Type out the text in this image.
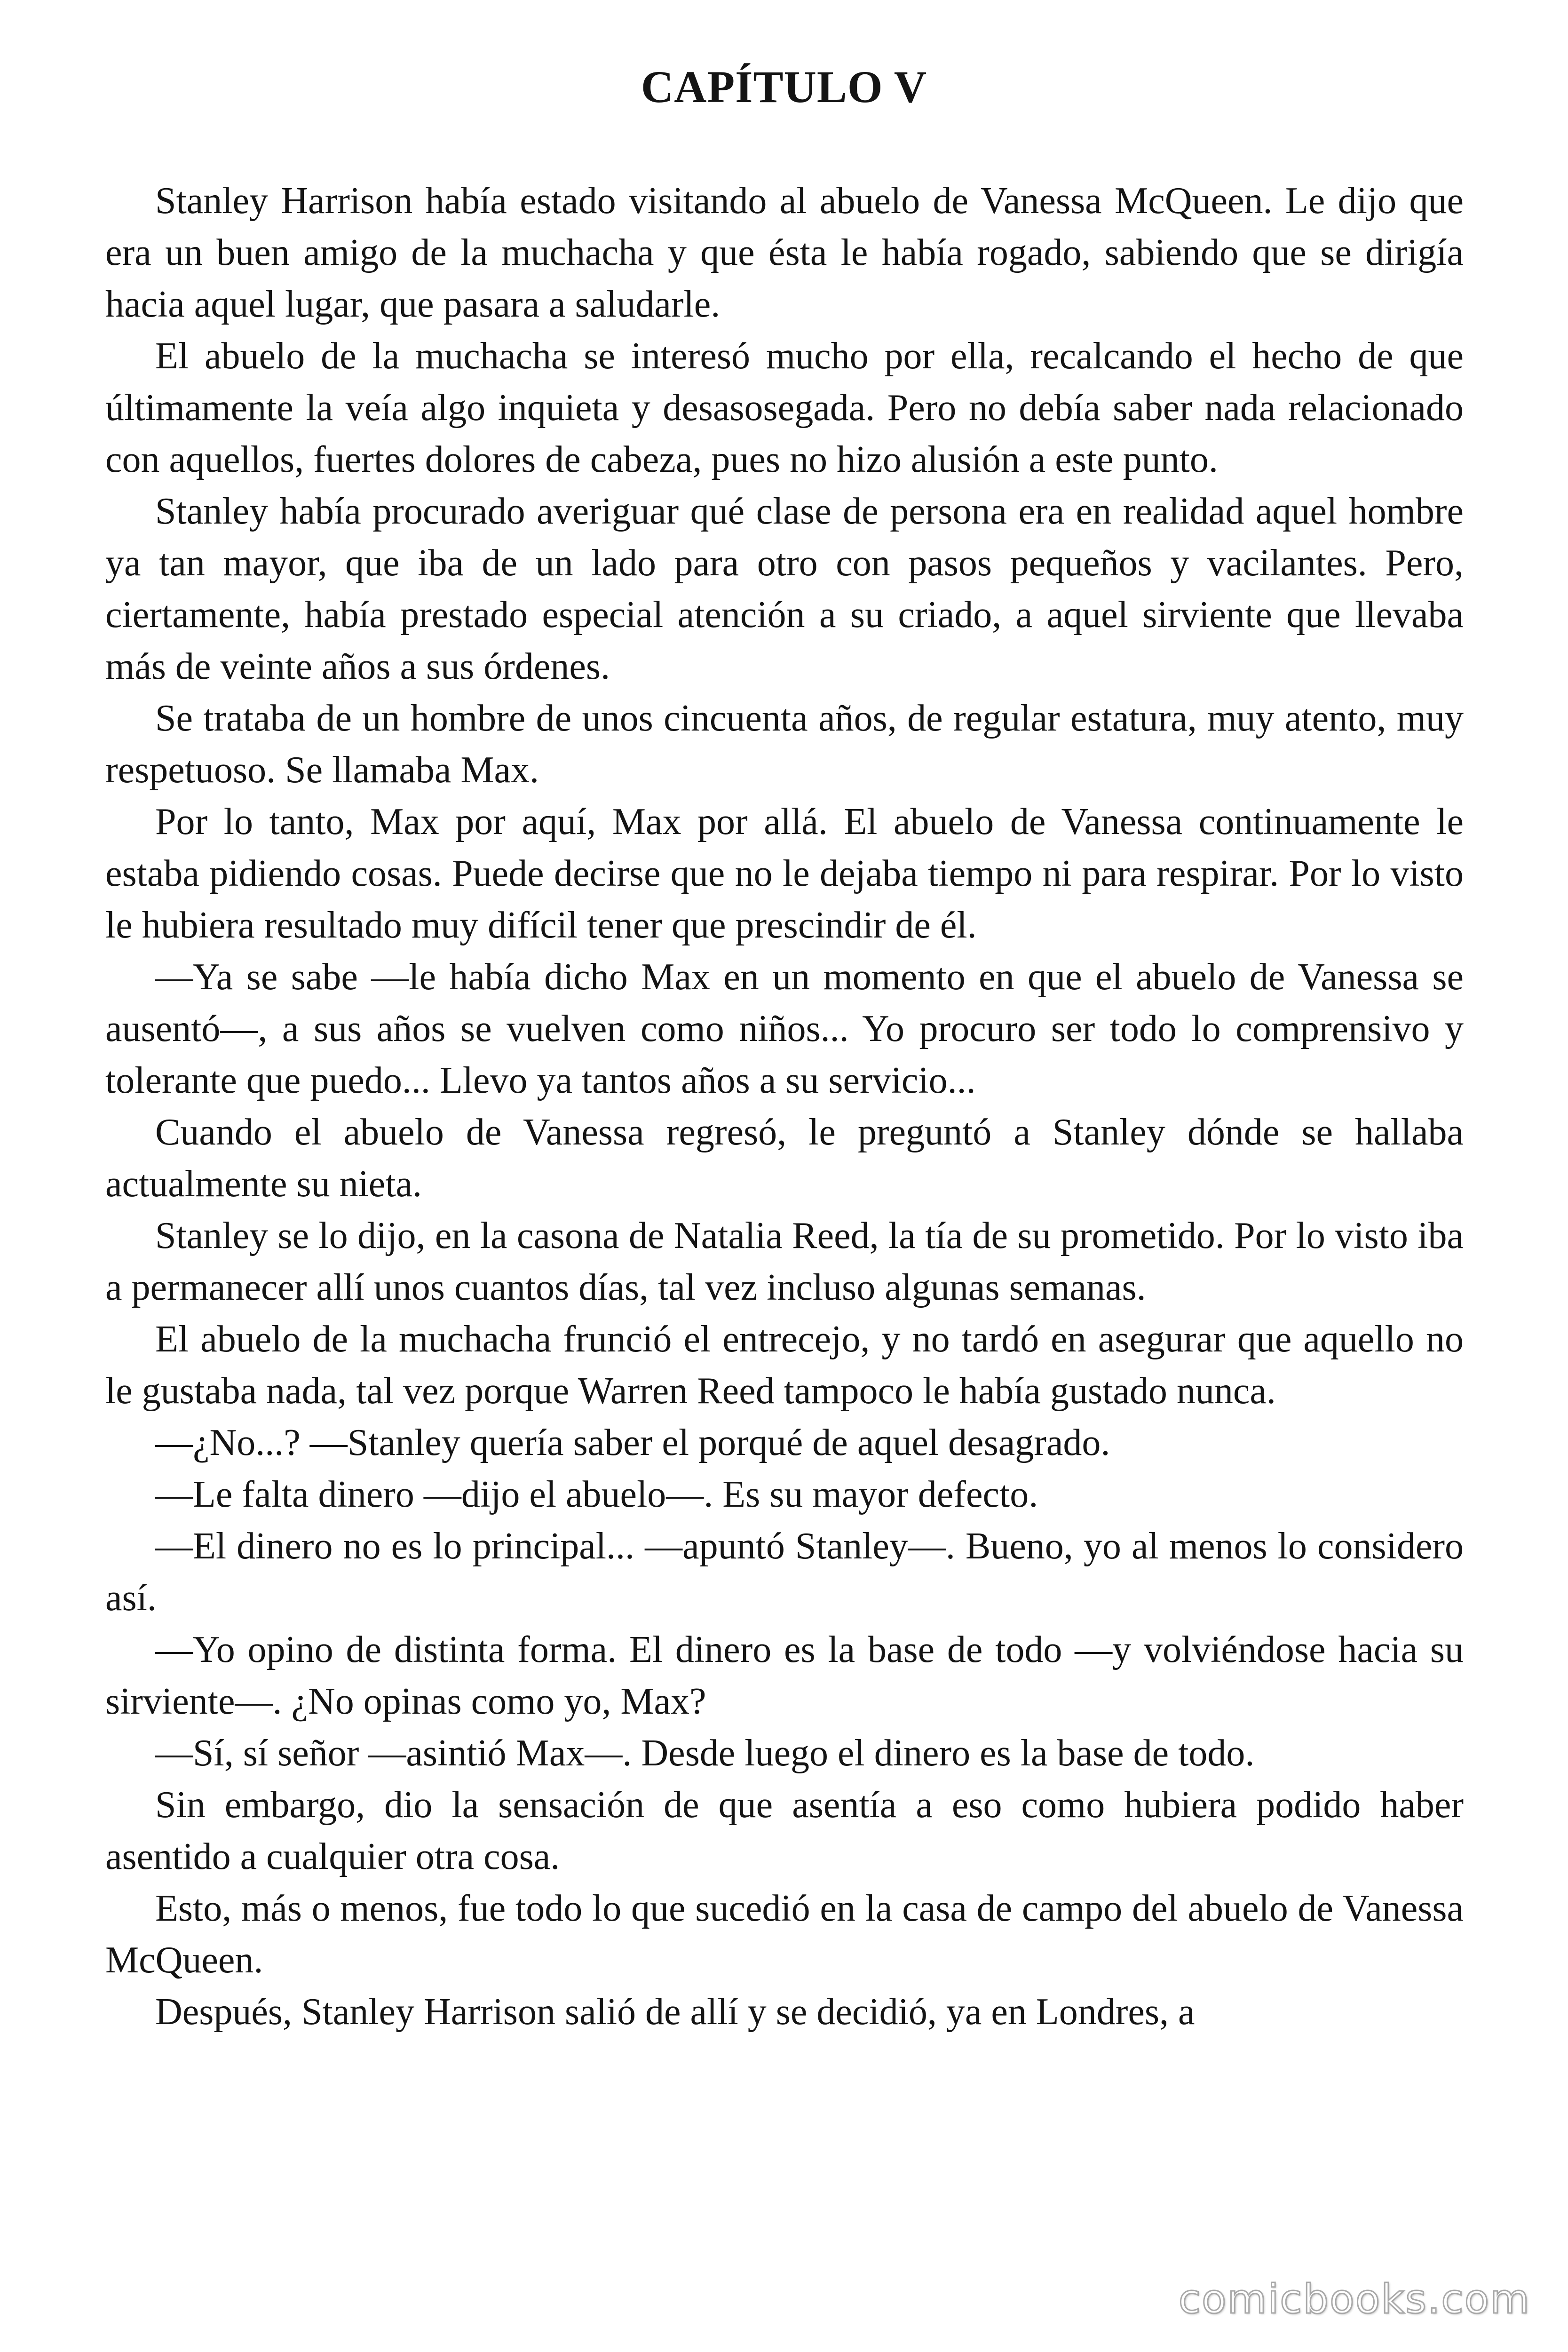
CAPÍTULO V

Stanley Harrison había estado visitando al abuelo de Vanessa McQueen. Le dijo que era un buen amigo de la muchacha y que ésta le había rogado, sabiendo que se dirigía hacia aquel lugar, que pasara a saludarle.

El abuelo de la muchacha se interesó mucho por ella, recalcando el hecho de que últimamente la veía algo inquieta y desasosegada. Pero no debía saber nada relacionado con aquellos, fuertes dolores de cabeza, pues no hizo alusión a este punto.

Stanley había procurado averiguar qué clase de persona era en realidad aquel hombre ya tan mayor, que iba de un lado para otro con pasos pequeños y vacilantes. Pero, ciertamente, había prestado especial atención a su criado, a aquel sirviente que llevaba más de veinte años a sus órdenes.

Se trataba de un hombre de unos cincuenta años, de regular estatura, muy atento, muy respetuoso. Se llamaba Max.

Por lo tanto, Max por aquí, Max por allá. El abuelo de Vanessa continuamente le estaba pidiendo cosas. Puede decirse que no le dejaba tiempo ni para respirar. Por lo visto le hubiera resultado muy difícil tener que prescindir de él.

—Ya se sabe —le había dicho Max en un momento en que el abuelo de Vanessa se ausentó—, a sus años se vuelven como niños... Yo procuro ser todo lo comprensivo y tolerante que puedo... Llevo ya tantos años a su servicio...

Cuando el abuelo de Vanessa regresó, le preguntó a Stanley dónde se hallaba actualmente su nieta.

Stanley se lo dijo, en la casona de Natalia Reed, la tía de su prometido. Por lo visto iba a permanecer allí unos cuantos días, tal vez incluso algunas semanas.

El abuelo de la muchacha frunció el entrecejo, y no tardó en asegurar que aquello no le gustaba nada, tal vez porque Warren Reed tampoco le había gustado nunca.

—¿No...? —Stanley quería saber el porqué de aquel desagrado.

—Le falta dinero —dijo el abuelo—. Es su mayor defecto.

—El dinero no es lo principal... —apuntó Stanley—. Bueno, yo al menos lo considero así.

—Yo opino de distinta forma. El dinero es la base de todo —y volviéndose hacia su sirviente—. ¿No opinas como yo, Max?

—Sí, sí señor —asintió Max—. Desde luego el dinero es la base de todo.

Sin embargo, dio la sensación de que asentía a eso como hubiera podido haber asentido a cualquier otra cosa.

Esto, más o menos, fue todo lo que sucedió en la casa de campo del abuelo de Vanessa McQueen.

Después, Stanley Harrison salió de allí y se decidió, ya en Londres, a

comicbooks.com
